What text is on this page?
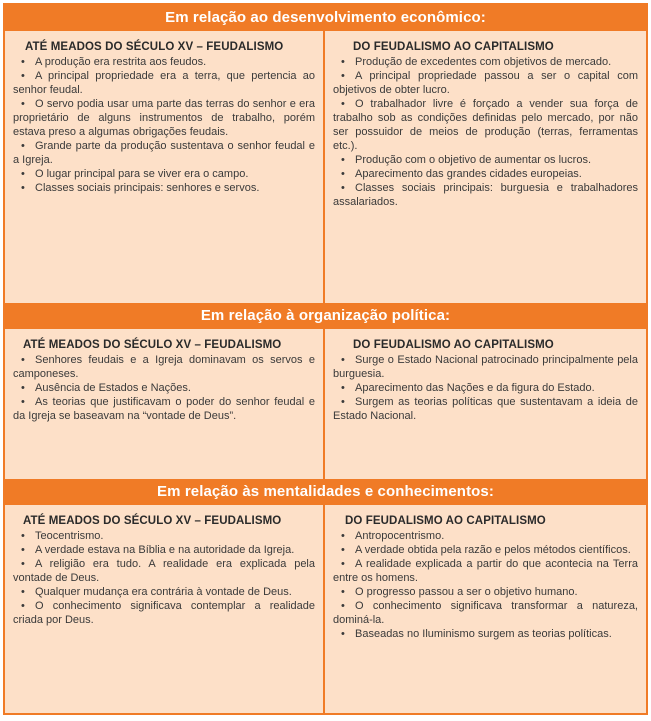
Em relação ao desenvolvimento econômico:
ATÉ MEADOS DO SÉCULO XV – FEUDALISMO
• A produção era restrita aos feudos.
• A principal propriedade era a terra, que pertencia ao senhor feudal.
• O servo podia usar uma parte das terras do senhor e era proprietário de alguns instrumentos de trabalho, porém estava preso a algumas obrigações feudais.
• Grande parte da produção sustentava o senhor feudal e a Igreja.
• O lugar principal para se viver era o campo.
• Classes sociais principais: senhores e servos.
DO FEUDALISMO AO CAPITALISMO
• Produção de excedentes com objetivos de mercado.
• A principal propriedade passou a ser o capital com objetivos de obter lucro.
• O trabalhador livre é forçado a vender sua força de trabalho sob as condições definidas pelo mercado, por não ser possuidor de meios de produção (terras, ferramentas etc.).
• Produção com o objetivo de aumentar os lucros.
• Aparecimento das grandes cidades europeias.
• Classes sociais principais: burguesia e trabalhadores assalariados.
Em relação à organização política:
ATÉ MEADOS DO SÉCULO XV – FEUDALISMO
• Senhores feudais e a Igreja dominavam os servos e camponeses.
• Ausência de Estados e Nações.
• As teorias que justificavam o poder do senhor feudal e da Igreja se baseavam na “vontade de Deus”.
DO FEUDALISMO AO CAPITALISMO
• Surge o Estado Nacional patrocinado principalmente pela burguesia.
• Aparecimento das Nações e da figura do Estado.
• Surgem as teorias políticas que sustentavam a ideia de Estado Nacional.
Em relação às mentalidades e conhecimentos:
ATÉ MEADOS DO SÉCULO XV – FEUDALISMO
• Teocentrismo.
• A verdade estava na Bíblia e na autoridade da Igreja.
• A religião era tudo. A realidade era explicada pela vontade de Deus.
• Qualquer mudança era contrária à vontade de Deus.
• O conhecimento significava contemplar a realidade criada por Deus.
DO FEUDALISMO AO CAPITALISMO
• Antropocentrismo.
• A verdade obtida pela razão e pelos métodos científicos.
• A realidade explicada a partir do que acontecia na Terra entre os homens.
• O progresso passou a ser o objetivo humano.
• O conhecimento significava transformar a natureza, dominá-la.
• Baseadas no Iluminismo surgem as teorias políticas.
